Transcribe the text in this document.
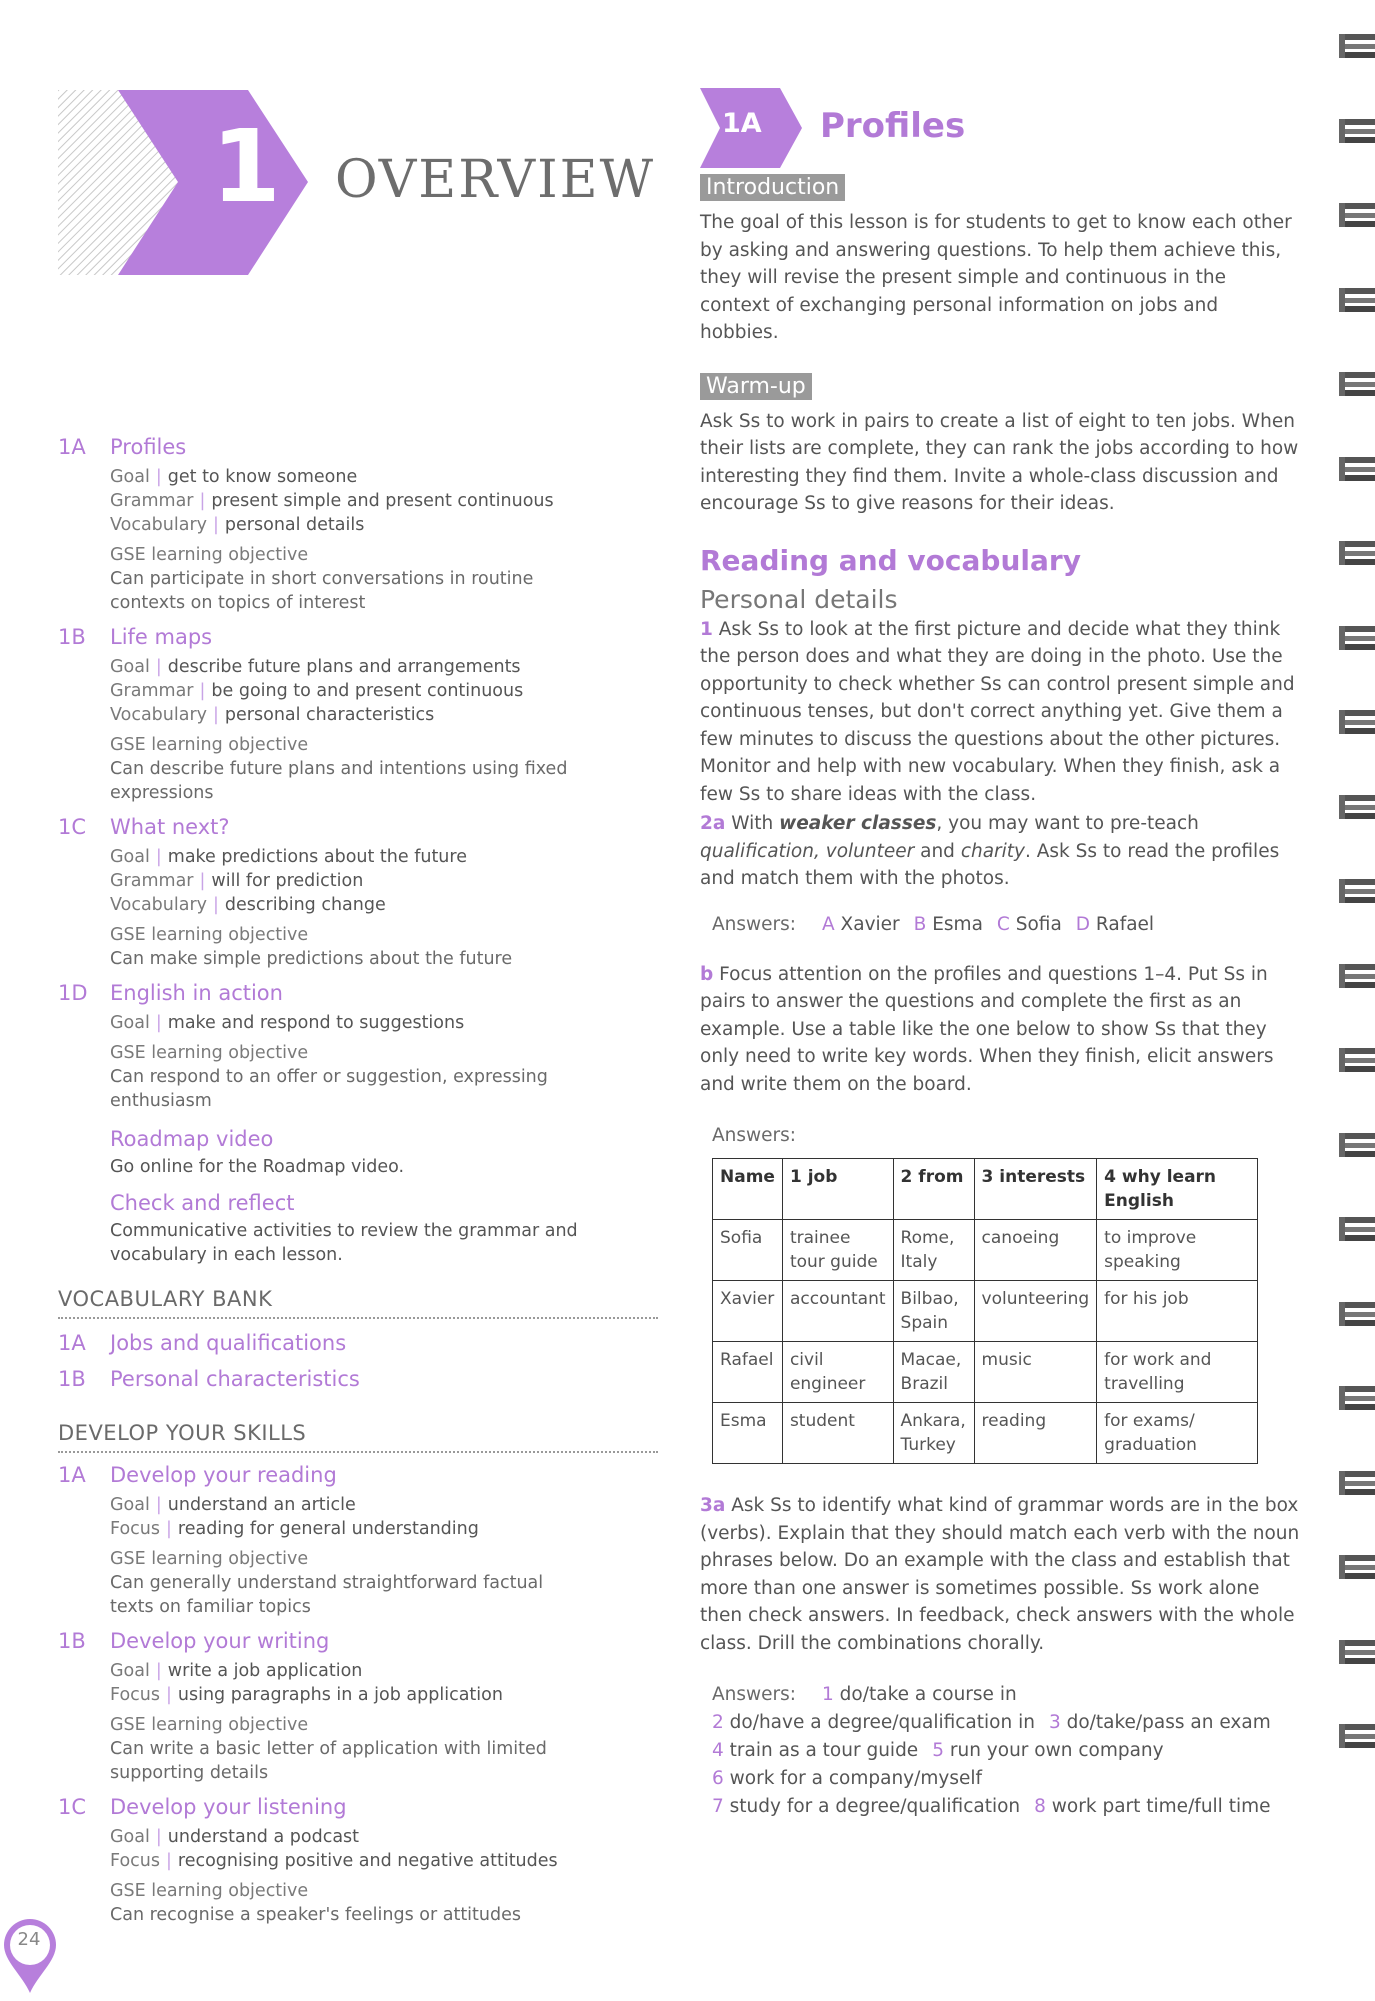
1	OVERVIEW
1A Profiles
Goal | get to know someone
Grammar | present simple and present continuous
Vocabulary | personal details
GSE learning objective
Can participate in short conversations in routine contexts on topics of interest
1B Life maps
Goal | describe future plans and arrangements
Grammar | be going to and present continuous
Vocabulary | personal characteristics
GSE learning objective
Can describe future plans and intentions using fixed expressions
1C What next?
Goal | make predictions about the future
Grammar | will for prediction
Vocabulary | describing change
GSE learning objective
Can make simple predictions about the future
1D English in action
Goal | make and respond to suggestions
GSE learning objective
Can respond to an offer or suggestion, expressing enthusiasm
Roadmap video
Go online for the Roadmap video.
Check and reflect
Communicative activities to review the grammar and vocabulary in each lesson.
VOCABULARY BANK
1A Jobs and qualifications
1B Personal characteristics
DEVELOP YOUR SKILLS
1A Develop your reading
Goal | understand an article
Focus | reading for general understanding
GSE learning objective
Can generally understand straightforward factual texts on familiar topics
1B Develop your writing
Goal | write a job application
Focus | using paragraphs in a job application
GSE learning objective
Can write a basic letter of application with limited supporting details
1C Develop your listening
Goal | understand a podcast
Focus | recognising positive and negative attitudes
GSE learning objective
Can recognise a speaker's feelings or attitudes
24
1A Profiles
Introduction
The goal of this lesson is for students to get to know each other by asking and answering questions. To help them achieve this, they will revise the present simple and continuous in the context of exchanging personal information on jobs and hobbies.
Warm-up
Ask Ss to work in pairs to create a list of eight to ten jobs. When their lists are complete, they can rank the jobs according to how interesting they find them. Invite a whole-class discussion and encourage Ss to give reasons for their ideas.
Reading and vocabulary
Personal details
1 Ask Ss to look at the first picture and decide what they think the person does and what they are doing in the photo. Use the opportunity to check whether Ss can control present simple and continuous tenses, but don't correct anything yet. Give them a few minutes to discuss the questions about the other pictures. Monitor and help with new vocabulary. When they finish, ask a few Ss to share ideas with the class.
2a With weaker classes, you may want to pre-teach qualification, volunteer and charity. Ask Ss to read the profiles and match them with the photos.
Answers: A Xavier B Esma C Sofia D Rafael
b Focus attention on the profiles and questions 1–4. Put Ss in pairs to answer the questions and complete the first as an example. Use a table like the one below to show Ss that they only need to write key words. When they finish, elicit answers and write them on the board.
Answers:
Name	1 job	2 from	3 interests	4 why learn English
Sofia	trainee tour guide	Rome, Italy	canoeing	to improve speaking
Xavier	accountant	Bilbao, Spain	volunteering	for his job
Rafael	civil engineer	Macae, Brazil	music	for work and travelling
Esma	student	Ankara, Turkey	reading	for exams/ graduation
3a Ask Ss to identify what kind of grammar words are in the box (verbs). Explain that they should match each verb with the noun phrases below. Do an example with the class and establish that more than one answer is sometimes possible. Ss work alone then check answers. In feedback, check answers with the whole class. Drill the combinations chorally.
Answers: 1 do/take a course in
2 do/have a degree/qualification in 3 do/take/pass an exam
4 train as a tour guide 5 run your own company
6 work for a company/myself
7 study for a degree/qualification 8 work part time/full time
